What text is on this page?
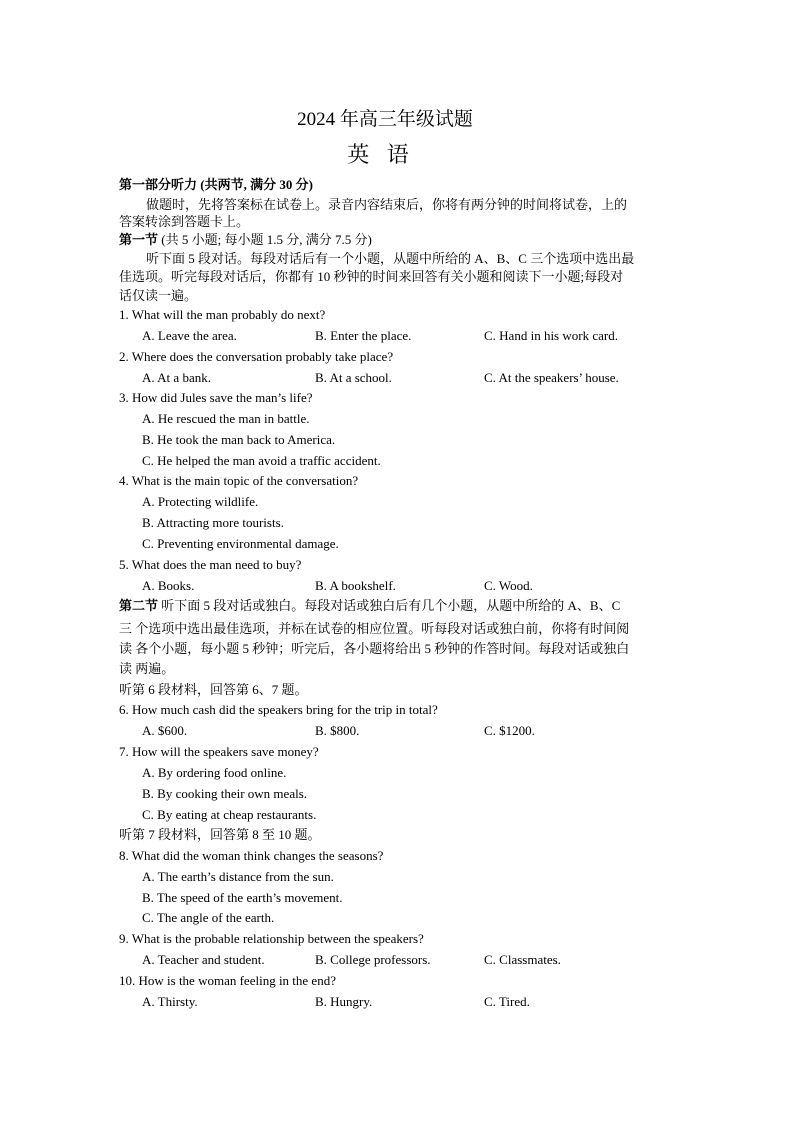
2024 年高三年级试题
英 语
第一部分听力 (共两节, 满分 30 分)
做题时，先将答案标在试卷上。录音内容结束后，你将有两分钟的时间将试卷，上的
答案转涂到答题卡上。
第一节 (共 5 小题; 每小题 1.5 分, 满分 7.5 分)
听下面 5 段对话。每段对话后有一个小题，从题中所给的 A、B、C 三个选项中选出最
佳选项。听完每段对话后，你都有 10 秒钟的时间来回答有关小题和阅读下一小题;每段对
话仅读一遍。
1. What will the man probably do next?
A. Leave the area.	B. Enter the place.	C. Hand in his work card.
2. Where does the conversation probably take place?
A. At a bank.	B. At a school.	C. At the speakers’ house.
3. How did Jules save the man’s life?
A. He rescued the man in battle.
B. He took the man back to America.
C. He helped the man avoid a traffic accident.
4. What is the main topic of the conversation?
A. Protecting wildlife.
B. Attracting more tourists.
C. Preventing environmental damage.
5. What does the man need to buy?
A. Books.	B. A bookshelf.	C. Wood.
第二节 听下面 5 段对话或独白。每段对话或独白后有几个小题，从题中所给的 A、B、C
三 个选项中选出最佳选项，并标在试卷的相应位置。听每段对话或独白前，你将有时间阅
读 各个小题，每小题 5 秒钟；听完后，各小题将给出 5 秒钟的作答时间。每段对话或独白
读 两遍。
听第 6 段材料，回答第 6、7 题。
6. How much cash did the speakers bring for the trip in total?
A. $600.	B. $800.	C. $1200.
7. How will the speakers save money?
A. By ordering food online.
B. By cooking their own meals.
C. By eating at cheap restaurants.
听第 7 段材料，回答第 8 至 10 题。
8. What did the woman think changes the seasons?
A. The earth’s distance from the sun.
B. The speed of the earth’s movement.
C. The angle of the earth.
9. What is the probable relationship between the speakers?
A. Teacher and student.	B. College professors.	C. Classmates.
10. How is the woman feeling in the end?
A. Thirsty.	B. Hungry.	C. Tired.
